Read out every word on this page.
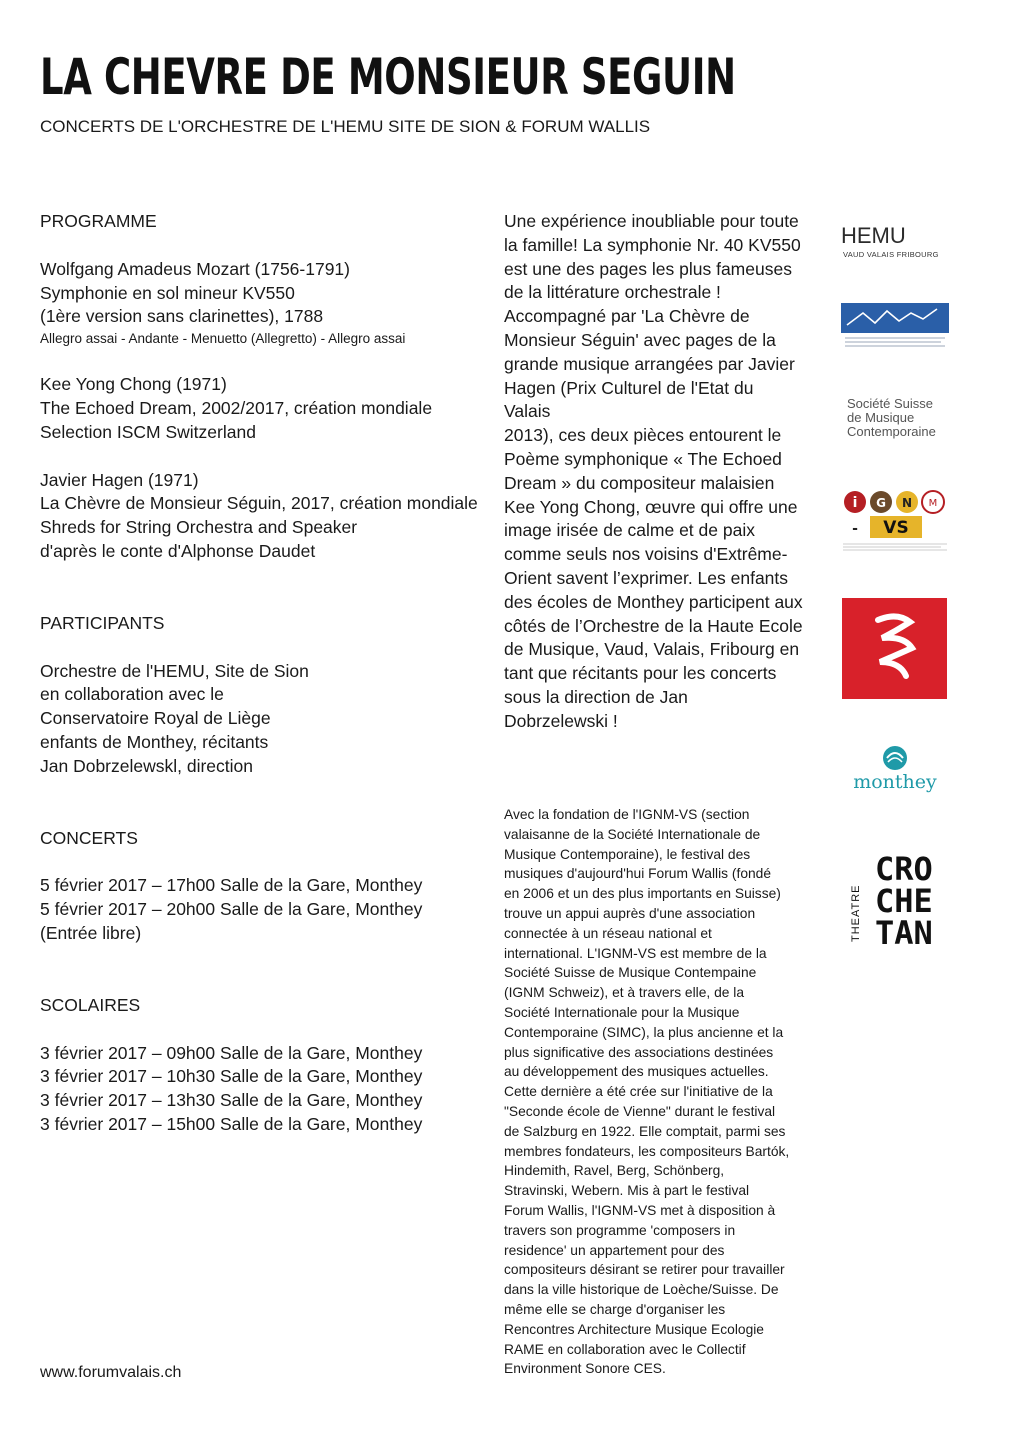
LA CHEVRE DE MONSIEUR SEGUIN
CONCERTS DE L'ORCHESTRE DE L'HEMU SITE DE SION & FORUM WALLIS

PROGRAMME

Wolfgang Amadeus Mozart (1756-1791)

Symphonie en sol mineur KV550

(1ère version sans clarinettes), 1788

Allegro assai - Andante - Menuetto (Allegretto) - Allegro assai

Kee Yong Chong (1971)

The Echoed Dream, 2002/2017, création mondiale

Selection ISCM Switzerland

Javier Hagen (1971)

La Chèvre de Monsieur Séguin, 2017, création mondiale

Shreds for String Orchestra and Speaker

d'après le conte d'Alphonse Daudet

PARTICIPANTS

Orchestre de l'HEMU, Site de Sion

en collaboration avec le

Conservatoire Royal de Liège

enfants de Monthey, récitants

Jan Dobrzelewskl, direction

CONCERTS

5 février 2017 – 17h00 Salle de la Gare, Monthey

5 février 2017 – 20h00 Salle de la Gare, Monthey

(Entrée libre)

SCOLAIRES

3 février 2017 – 09h00 Salle de la Gare, Monthey

3 février 2017 – 10h30 Salle de la Gare, Monthey

3 février 2017 – 13h30 Salle de la Gare, Monthey

3 février 2017 – 15h00 Salle de la Gare, Monthey

Une expérience inoubliable pour toute
la famille! La symphonie Nr. 40 KV550
est une des pages les plus fameuses
de la littérature orchestrale !
Accompagné par 'La Chèvre de
Monsieur Séguin' avec pages de la
grande musique arrangées par Javier
Hagen (Prix Culturel de l'Etat du Valais
2013), ces deux pièces entourent le
Poème symphonique « The Echoed
Dream » du compositeur malaisien
Kee Yong Chong, œuvre qui offre une
image irisée de calme et de paix
comme seuls nos voisins d'Extrême-
Orient savent l’exprimer. Les enfants
des écoles de Monthey participent aux
côtés de l’Orchestre de la Haute Ecole
de Musique, Vaud, Valais, Fribourg en
tant que récitants pour les concerts
sous la direction de Jan
Dobrzelewski !
Avec la fondation de l'IGNM-VS (section
valaisanne de la Société Internationale de
Musique Contemporaine), le festival des
musiques d'aujourd'hui Forum Wallis (fondé
en 2006 et un des plus importants en Suisse)
trouve un appui auprès d'une association
connectée à un réseau national et
international. L'IGNM-VS est membre de la
Société Suisse de Musique Contempaine
(IGNM Schweiz), et à travers elle, de la
Société Internationale pour la Musique
Contemporaine (SIMC), la plus ancienne et la
plus significative des associations destinées
au développement des musiques actuelles.
Cette dernière a été crée sur l'initiative de la
"Seconde école de Vienne" durant le festival
de Salzburg en 1922. Elle comptait, parmi ses
membres fondateurs, les compositeurs Bartók,
Hindemith, Ravel, Berg, Schönberg,
Stravinski, Webern. Mis à part le festival
Forum Wallis, l'IGNM-VS met à disposition à
travers son programme 'composers in
residence' un appartement pour des
compositeurs désirant se retirer pour travailler
dans la ville historique de Loèche/Suisse. De
même elle se charge d'organiser les
Rencontres Architecture Musique Ecologie
RAME en collaboration avec le Collectif
Environment Sonore CES.
www.forumvalais.ch
HEMU
VAUD VALAIS FRIBOURG
Société Suisse
de Musique
Contemporaine
i G N M
- VS
monthey
THEATRE
CRO
CHE
TAN
